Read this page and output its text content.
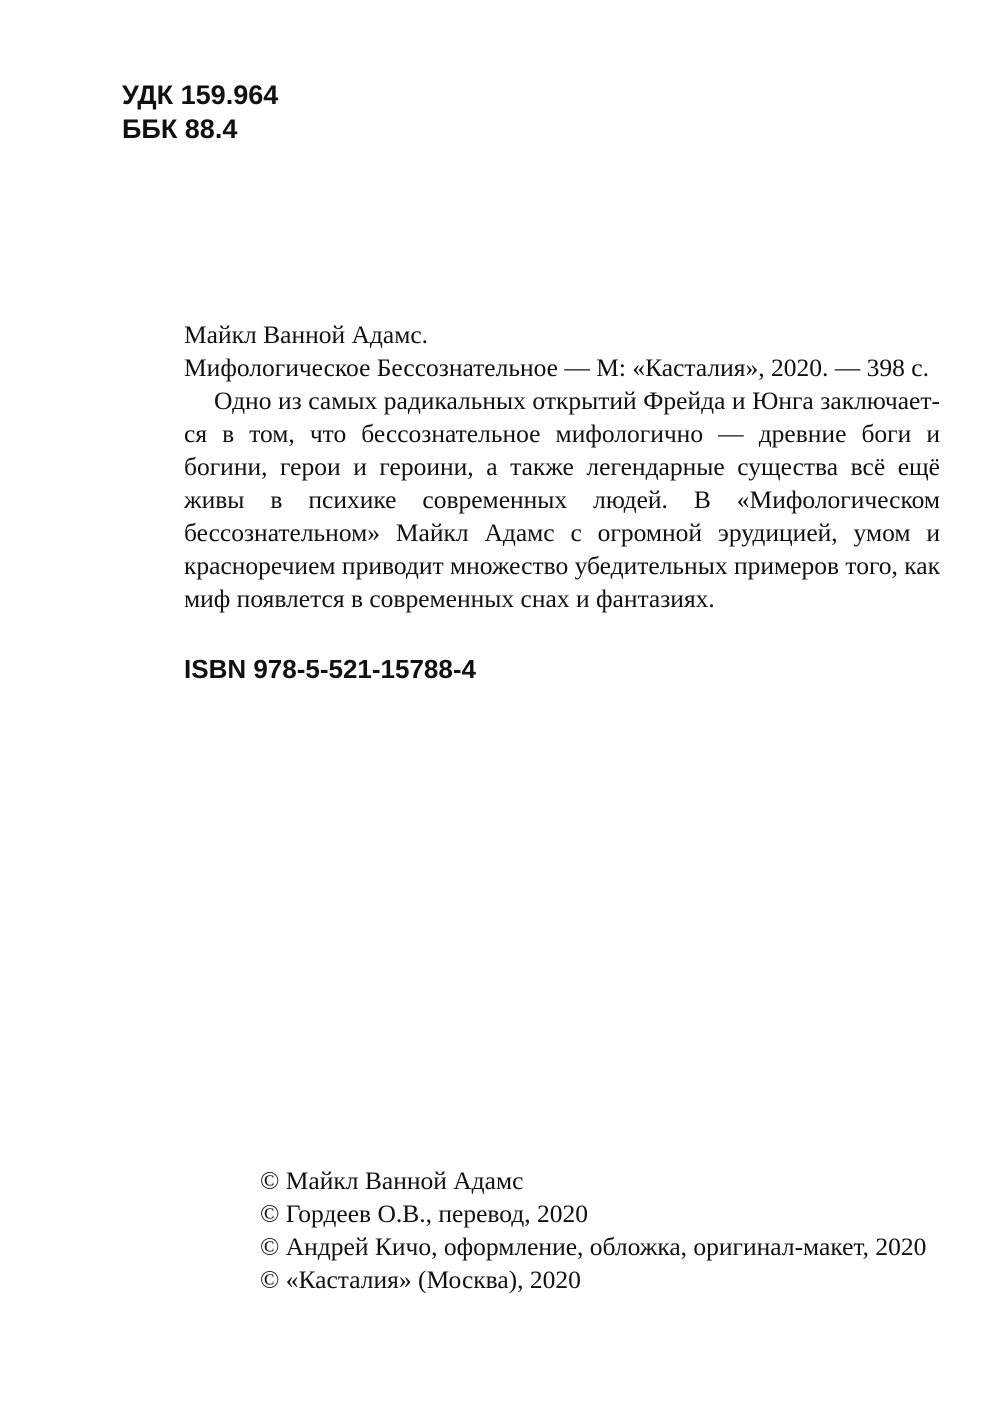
УДК 159.964
ББК 88.4
Майкл Ванной Адамс.
Мифологическое Бессознательное — М: «Касталия», 2020. — 398 с.

Одно из самых радикальных открытий Фрейда и Юнга заключается в том, что бессознательное мифологично — древние боги и богини, герои и героини, а также легендарные существа всё ещё живы в психике современных людей. В «Мифологическом бессознательном» Майкл Адамс с огромной эрудицией, умом и красноречием приводит множество убедительных примеров того, как миф появлется в современных снах и фантазиях.

ISBN 978-5-521-15788-4
© Майкл Ванной Адамс
© Гордеев О.В., перевод, 2020
© Андрей Кичо, оформление, обложка, оригинал-макет, 2020
© «Касталия» (Москва), 2020
